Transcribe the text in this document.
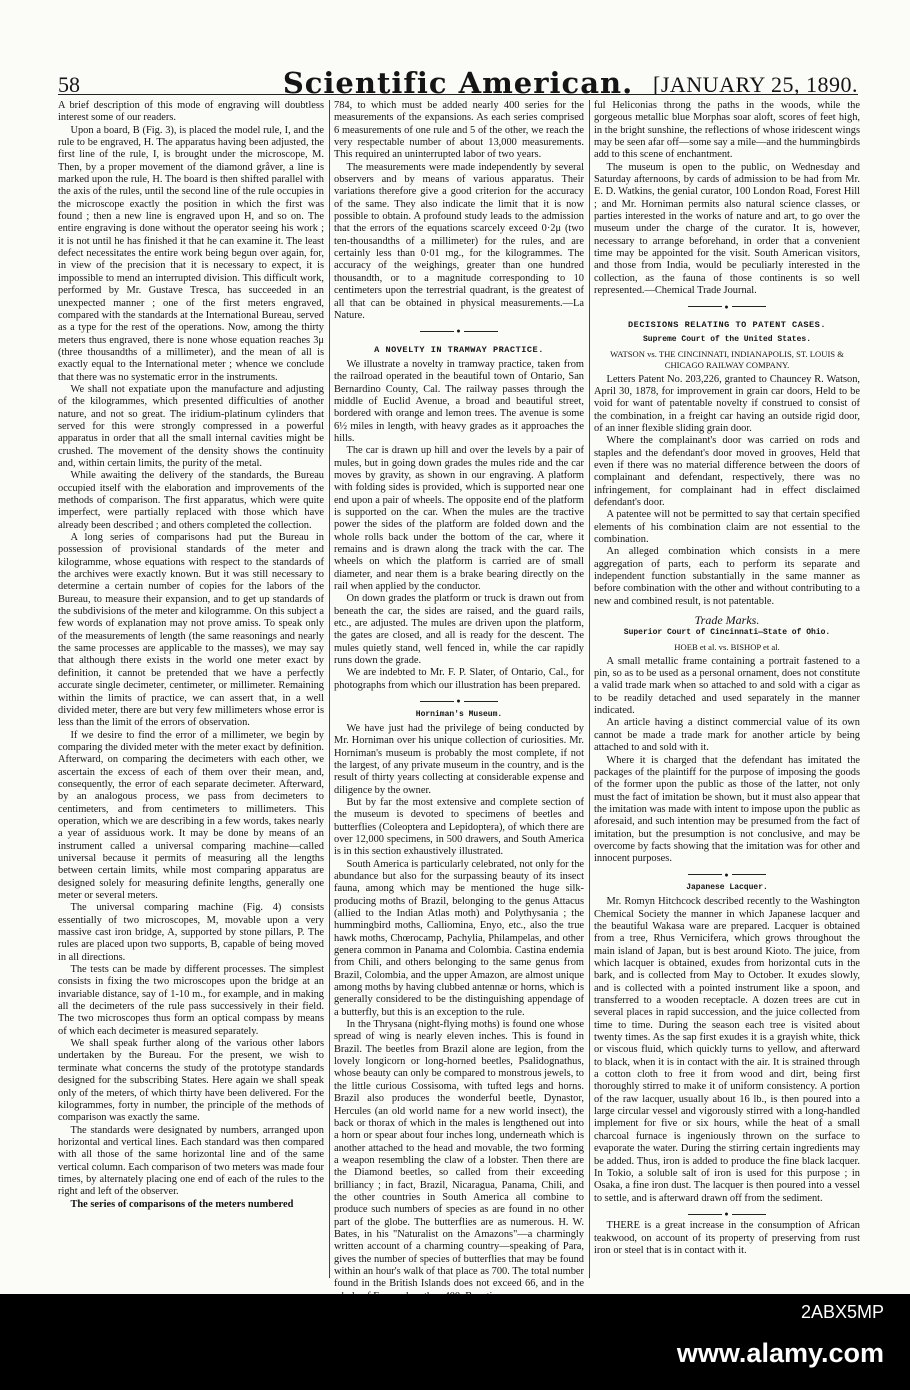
58	Scientific American. [JANUARY 25, 1890.

A brief description of this mode of engraving will doubtless interest some of our readers.

Upon a board, B (Fig. 3), is placed the model rule, I, and the rule to be engraved, H. The apparatus having been adjusted, the first line of the rule, I, is brought under the microscope, M. Then, by a proper movement of the diamond gråver, a line is marked upon the rule, H. The board is then shifted parallel with the axis of the rules, until the second line of the rule occupies in the microscope exactly the position in which the first was found ; then a new line is engraved upon H, and so on. The entire engraving is done without the operator seeing his work ; it is not until he has finished it that he can examine it. The least defect necessitates the entire work being begun over again, for, in view of the precision that it is necessary to expect, it is impossible to mend an interrupted division. This difficult work, performed by Mr. Gustave Tresca, has succeeded in an unexpected manner ; one of the first meters engraved, compared with the standards at the International Bureau, served as a type for the rest of the operations. Now, among the thirty meters thus engraved, there is none whose equation reaches 3μ (three thousandths of a millimeter), and the mean of all is exactly equal to the International meter ; whence we conclude that there was no systematic error in the instruments.

We shall not expatiate upon the manufacture and adjusting of the kilogrammes, which presented difficulties of another nature, and not so great. The iridium-platinum cylinders that served for this were strongly compressed in a powerful apparatus in order that all the small internal cavities might be crushed. The movement of the density shows the continuity and, within certain limits, the purity of the metal.

While awaiting the delivery of the standards, the Bureau occupied itself with the elaboration and improvements of the methods of comparison. The first apparatus, which were quite imperfect, were partially replaced with those which have already been described ; and others completed the collection.

A long series of comparisons had put the Bureau in possession of provisional standards of the meter and kilogramme, whose equations with respect to the standards of the archives were exactly known. But it was still necessary to determine a certain number of copies for the labors of the Bureau, to measure their expansion, and to get up standards of the subdivisions of the meter and kilogramme. On this subject a few words of explanation may not prove amiss. To speak only of the measurements of length (the same reasonings and nearly the same processes are applicable to the masses), we may say that although there exists in the world one meter exact by definition, it cannot be pretended that we have a perfectly accurate single decimeter, centimeter, or millimeter. Remaining within the limits of practice, we can assert that, in a well divided meter, there are but very few millimeters whose error is less than the limit of the errors of observation.

If we desire to find the error of a millimeter, we begin by comparing the divided meter with the meter exact by definition. Afterward, on comparing the decimeters with each other, we ascertain the excess of each of them over their mean, and, consequently, the error of each separate decimeter. Afterward, by an analogous process, we pass from decimeters to centimeters, and from centimeters to millimeters. This operation, which we are describing in a few words, takes nearly a year of assiduous work. It may be done by means of an instrument called a universal comparing machine—called universal because it permits of measuring all the lengths between certain limits, while most comparing apparatus are designed solely for measuring definite lengths, generally one meter or several meters.

The universal comparing machine (Fig. 4) consists essentially of two microscopes, M, movable upon a very massive cast iron bridge, A, supported by stone pillars, P. The rules are placed upon two supports, B, capable of being moved in all directions.

The tests can be made by different processes. The simplest consists in fixing the two microscopes upon the bridge at an invariable distance, say of 1-10 m., for example, and in making all the decimeters of the rule pass successively in their field. The two microscopes thus form an optical compass by means of which each decimeter is measured separately.

We shall speak further along of the various other labors undertaken by the Bureau. For the present, we wish to terminate what concerns the study of the prototype standards designed for the subscribing States. Here again we shall speak only of the meters, of which thirty have been delivered. For the kilogrammes, forty in number, the principle of the methods of comparison was exactly the same.

The standards were designated by numbers, arranged upon horizontal and vertical lines. Each standard was then compared with all those of the same horizontal line and of the same vertical column. Each comparison of two meters was made four times, by alternately placing one end of each of the rules to the right and left of the observer.

The series of comparisons of the meters numbered

784, to which must be added nearly 400 series for the measurements of the expansions. As each series comprised 6 measurements of one rule and 5 of the other, we reach the very respectable number of about 13,000 measurements. This required an uninterrupted labor of two years.

The measurements were made independently by several observers and by means of various apparatus. Their variations therefore give a good criterion for the accuracy of the same. They also indicate the limit that it is now possible to obtain. A profound study leads to the admission that the errors of the equations scarcely exceed 0·2μ (two ten-thousandths of a millimeter) for the rules, and are certainly less than 0·01 mg., for the kilogrammes. The accuracy of the weighings, greater than one hundred thousandth, or to a magnitude corresponding to 10 centimeters upon the terrestrial quadrant, is the greatest of all that can be obtained in physical measurements.—La Nature.

●
A NOVELTY IN TRAMWAY PRACTICE.

We illustrate a novelty in tramway practice, taken from the railroad operated in the beautiful town of Ontario, San Bernardino County, Cal. The railway passes through the middle of Euclid Avenue, a broad and beautiful street, bordered with orange and lemon trees. The avenue is some 6½ miles in length, with heavy grades as it approaches the hills.

The car is drawn up hill and over the levels by a pair of mules, but in going down grades the mules ride and the car moves by gravity, as shown in our engraving. A platform with folding sides is provided, which is supported near one end upon a pair of wheels. The opposite end of the platform is supported on the car. When the mules are the tractive power the sides of the platform are folded down and the whole rolls back under the bottom of the car, where it remains and is drawn along the track with the car. The wheels on which the platform is carried are of small diameter, and near them is a brake bearing directly on the rail when applied by the conductor.

On down grades the platform or truck is drawn out from beneath the car, the sides are raised, and the guard rails, etc., are adjusted. The mules are driven upon the platform, the gates are closed, and all is ready for the descent. The mules quietly stand, well fenced in, while the car rapidly runs down the grade.

We are indebted to Mr. F. P. Slater, of Ontario, Cal., for photographs from which our illustration has been prepared.

●
Horniman's Museum.

We have just had the privilege of being conducted by Mr. Horniman over his unique collection of curiosities. Mr. Horniman's museum is probably the most complete, if not the largest, of any private museum in the country, and is the result of thirty years collecting at considerable expense and diligence by the owner.

But by far the most extensive and complete section of the museum is devoted to specimens of beetles and butterflies (Coleoptera and Lepidoptera), of which there are over 12,000 specimens, in 500 drawers, and South America is in this section exhaustively illustrated.

South America is particularly celebrated, not only for the abundance but also for the surpassing beauty of its insect fauna, among which may be mentioned the huge silk-producing moths of Brazil, belonging to the genus Attacus (allied to the Indian Atlas moth) and Polythysania ; the hummingbird moths, Calliomina, Enyo, etc., also the true hawk moths, Chœrocamp, Pachylia, Philampelas, and other genera common in Panama and Colombia. Castina endemia from Chili, and others belonging to the same genus from Brazil, Colombia, and the upper Amazon, are almost unique among moths by having clubbed antennæ or horns, which is generally considered to be the distinguishing appendage of a butterfly, but this is an exception to the rule.

In the Thrysana (night-flying moths) is found one whose spread of wing is nearly eleven inches. This is found in Brazil. The beetles from Brazil alone are legion, from the lovely longicorn or long-horned beetles, Psalidognathus, whose beauty can only be compared to monstrous jewels, to the little curious Cossisoma, with tufted legs and horns. Brazil also produces the wonderful beetle, Dynastor, Hercules (an old world name for a new world insect), the back or thorax of which in the males is lengthened out into a horn or spear about four inches long, underneath which is another attached to the head and movable, the two forming a weapon resembling the claw of a lobster. Then there are the Diamond beetles, so called from their exceeding brilliancy ; in fact, Brazil, Nicaragua, Panama, Chili, and the other countries in South America all combine to produce such numbers of species as are found in no other part of the globe. The butterflies are as numerous. H. W. Bates, in his "Naturalist on the Amazons"—a charmingly written account of a charming country—speaking of Para, gives the number of species of butterflies that may be found within an hour's walk of that place as 700. The total number found in the British Islands does not exceed 66, and in the

ful Heliconias throng the paths in the woods, while the gorgeous metallic blue Morphas soar aloft, scores of feet high, in the bright sunshine, the reflections of whose iridescent wings may be seen afar off—some say a mile—and the hummingbirds add to this scene of enchantment.

The museum is open to the public, on Wednesday and Saturday afternoons, by cards of admission to be had from Mr. E. D. Watkins, the genial curator, 100 London Road, Forest Hill ; and Mr. Horniman permits also natural science classes, or parties interested in the works of nature and art, to go over the museum under the charge of the curator. It is, however, necessary to arrange beforehand, in order that a convenient time may be appointed for the visit. South American visitors, and those from India, would be peculiarly interested in the collection, as the fauna of those continents is so well represented.—Chemical Trade Journal.

●
DECISIONS RELATING TO PATENT CASES.
Supreme Court of the United States.
WATSON vs. THE CINCINNATI, INDIANAPOLIS, ST. LOUIS & CHICAGO RAILWAY COMPANY.

Letters Patent No. 203,226, granted to Chauncey R. Watson, April 30, 1878, for improvement in grain car doors, Held to be void for want of patentable novelty if construed to consist of the combination, in a freight car having an outside rigid door, of an inner flexible sliding grain door.

Where the complainant's door was carried on rods and staples and the defendant's door moved in grooves, Held that even if there was no material difference between the doors of complainant and defendant, respectively, there was no infringement, for complainant had in effect disclaimed defendant's door.

A patentee will not be permitted to say that certain specified elements of his combination claim are not essential to the combination.

An alleged combination which consists in a mere aggregation of parts, each to perform its separate and independent function substantially in the same manner as before combination with the other and without contributing to a new and combined result, is not patentable.

Trade Marks.
Superior Court of Cincinnati—State of Ohio.
HOEB et al. vs. BISHOP et al.

A small metallic frame containing a portrait fastened to a pin, so as to be used as a personal ornament, does not constitute a valid trade mark when so attached to and sold with a cigar as to be readily detached and used separately in the manner indicated.

An article having a distinct commercial value of its own cannot be made a trade mark for another article by being attached to and sold with it.

Where it is charged that the defendant has imitated the packages of the plaintiff for the purpose of imposing the goods of the former upon the public as those of the latter, not only must the fact of imitation be shown, but it must also appear that the imitation was made with intent to impose upon the public as aforesaid, and such intention may be presumed from the fact of imitation, but the presumption is not conclusive, and may be overcome by facts showing that the imitation was for other and innocent purposes.

●
Japanese Lacquer.

Mr. Romyn Hitchcock described recently to the Washington Chemical Society the manner in which Japanese lacquer and the beautiful Wakasa ware are prepared. Lacquer is obtained from a tree, Rhus Vernicifera, which grows throughout the main island of Japan, but is best around Kioto. The juice, from which lacquer is obtained, exudes from horizontal cuts in the bark, and is collected from May to October. It exudes slowly, and is collected with a pointed instrument like a spoon, and transferred to a wooden receptacle. A dozen trees are cut in several places in rapid succession, and the juice collected from time to time. During the season each tree is visited about twenty times. As the sap first exudes it is a grayish white, thick or viscous fluid, which quickly turns to yellow, and afterward to black, when it is in contact with the air. It is strained through a cotton cloth to free it from wood and dirt, being first thoroughly stirred to make it of uniform consistency. A portion of the raw lacquer, usually about 16 lb., is then poured into a large circular vessel and vigorously stirred with a long-handled implement for five or six hours, while the heat of a small charcoal furnace is ingeniously thrown on the surface to evaporate the water. During the stirring certain ingredients may be added. Thus, iron is added to produce the fine black lacquer. In Tokio, a soluble salt of iron is used for this purpose ; in Osaka, a fine iron dust. The lacquer is then poured into a vessel to settle, and is afterward drawn off from the sediment.

●

THERE is a great increase in the consumption of African teakwood, on account of its property of preserving from rust iron or steel that is in contact with it.

2ABX5MP
www.alamy.com
